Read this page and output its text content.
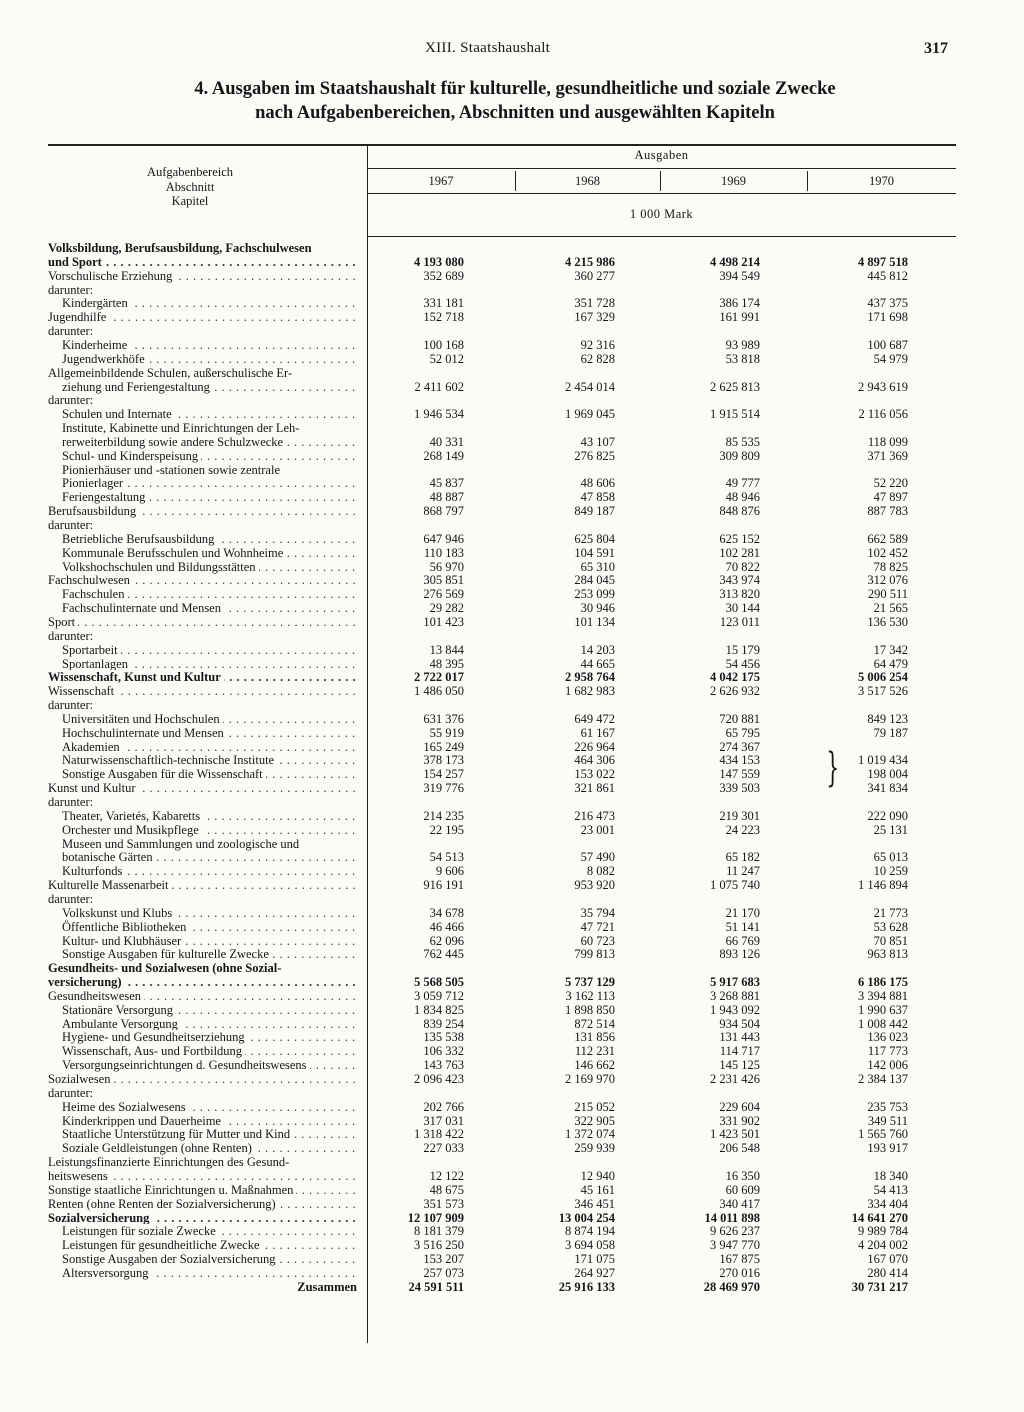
XIII. Staatshaushalt	317
4. Ausgaben im Staatshaushalt für kulturelle, gesundheitliche und soziale Zwecke
nach Aufgabenbereichen, Abschnitten und ausgewählten Kapiteln
Aufgabenbereich
Abschnitt
Kapitel
Ausgaben
1967	1968	1969	1970
1 000 Mark
}
Volksbildung, Berufsausbildung, Fachschulwesen
und Sport . . .	4 193 080	4 215 986	4 498 214	4 897 518
Vorschulische Erziehung . . .	352 689	360 277	394 549	445 812
darunter:
Kindergärten . . .	331 181	351 728	386 174	437 375
Jugendhilfe . . .	152 718	167 329	161 991	171 698
darunter:
Kinderheime . . .	100 168	92 316	93 989	100 687
Jugendwerkhöfe . . .	52 012	62 828	53 818	54 979
Allgemeinbildende Schulen, außerschulische Er-
ziehung und Feriengestaltung . . .	2 411 602	2 454 014	2 625 813	2 943 619
darunter:
Schulen und Internate . . .	1 946 534	1 969 045	1 915 514	2 116 056
Institute, Kabinette und Einrichtungen der Leh-
rerweiterbildung sowie andere Schulzwecke . . .	40 331	43 107	85 535	118 099
Schul- und Kinderspeisung . . .	268 149	276 825	309 809	371 369
Pionierhäuser und -stationen sowie zentrale
Pionierlager . . .	45 837	48 606	49 777	52 220
Feriengestaltung . . .	48 887	47 858	48 946	47 897
Berufsausbildung . . .	868 797	849 187	848 876	887 783
darunter:
Betriebliche Berufsausbildung . . .	647 946	625 804	625 152	662 589
Kommunale Berufsschulen und Wohnheime . . .	110 183	104 591	102 281	102 452
Volkshochschulen und Bildungsstätten . . .	56 970	65 310	70 822	78 825
Fachschulwesen . . .	305 851	284 045	343 974	312 076
Fachschulen . . .	276 569	253 099	313 820	290 511
Fachschulinternate und Mensen . . .	29 282	30 946	30 144	21 565
Sport . . .	101 423	101 134	123 011	136 530
darunter:
Sportarbeit . . .	13 844	14 203	15 179	17 342
Sportanlagen . . .	48 395	44 665	54 456	64 479
Wissenschaft, Kunst und Kultur . . .	2 722 017	2 958 764	4 042 175	5 006 254
Wissenschaft . . .	1 486 050	1 682 983	2 626 932	3 517 526
darunter:
Universitäten und Hochschulen . . .	631 376	649 472	720 881	849 123
Hochschulinternate und Mensen . . .	55 919	61 167	65 795	79 187
Akademien . . .	165 249	226 964	274 367
Naturwissenschaftlich-technische Institute . . .	378 173	464 306	434 153	1 019 434
Sonstige Ausgaben für die Wissenschaft . . .	154 257	153 022	147 559	198 004
Kunst und Kultur . . .	319 776	321 861	339 503	341 834
darunter:
Theater, Varietés, Kabaretts . . .	214 235	216 473	219 301	222 090
Orchester und Musikpflege . . .	22 195	23 001	24 223	25 131
Museen und Sammlungen und zoologische und
botanische Gärten . . .	54 513	57 490	65 182	65 013
Kulturfonds . . .	9 606	8 082	11 247	10 259
Kulturelle Massenarbeit . . .	916 191	953 920	1 075 740	1 146 894
darunter:
Volkskunst und Klubs . . .	34 678	35 794	21 170	21 773
Öffentliche Bibliotheken . . .	46 466	47 721	51 141	53 628
Kultur- und Klubhäuser . . .	62 096	60 723	66 769	70 851
Sonstige Ausgaben für kulturelle Zwecke . . .	762 445	799 813	893 126	963 813
Gesundheits- und Sozialwesen (ohne Sozial-
versicherung) . . .	5 568 505	5 737 129	5 917 683	6 186 175
Gesundheitswesen . . .	3 059 712	3 162 113	3 268 881	3 394 881
Stationäre Versorgung . . .	1 834 825	1 898 850	1 943 092	1 990 637
Ambulante Versorgung . . .	839 254	872 514	934 504	1 008 442
Hygiene- und Gesundheitserziehung . . .	135 538	131 856	131 443	136 023
Wissenschaft, Aus- und Fortbildung . . .	106 332	112 231	114 717	117 773
Versorgungseinrichtungen d. Gesundheitswesens . . .	143 763	146 662	145 125	142 006
Sozialwesen . . .	2 096 423	2 169 970	2 231 426	2 384 137
darunter:
Heime des Sozialwesens . . .	202 766	215 052	229 604	235 753
Kinderkrippen und Dauerheime . . .	317 031	322 905	331 902	349 511
Staatliche Unterstützung für Mutter und Kind . . .	1 318 422	1 372 074	1 423 501	1 565 760
Soziale Geldleistungen (ohne Renten) . . .	227 033	259 939	206 548	193 917
Leistungsfinanzierte Einrichtungen des Gesund-
heitswesens . . .	12 122	12 940	16 350	18 340
Sonstige staatliche Einrichtungen u. Maßnahmen . . .	48 675	45 161	60 609	54 413
Renten (ohne Renten der Sozialversicherung) . . .	351 573	346 451	340 417	334 404
Sozialversicherung . . .	12 107 909	13 004 254	14 011 898	14 641 270
Leistungen für soziale Zwecke . . .	8 181 379	8 874 194	9 626 237	9 989 784
Leistungen für gesundheitliche Zwecke . . .	3 516 250	3 694 058	3 947 770	4 204 002
Sonstige Ausgaben der Sozialversicherung . . .	153 207	171 075	167 875	167 070
Altersversorgung . . .	257 073	264 927	270 016	280 414
Zusammen	24 591 511	25 916 133	28 469 970	30 731 217
